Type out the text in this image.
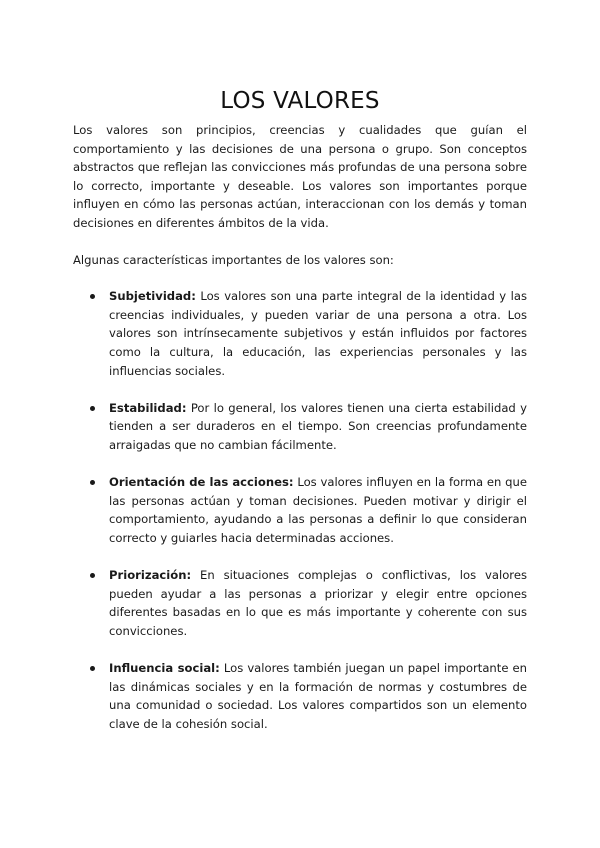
LOS VALORES

Los valores son principios, creencias y cualidades que guían el comportamiento y las decisiones de una persona o grupo. Son conceptos abstractos que reflejan las convicciones más profundas de una persona sobre lo correcto, importante y deseable. Los valores son importantes porque influyen en cómo las personas actúan, interaccionan con los demás y toman decisiones en diferentes ámbitos de la vida.

Algunas características importantes de los valores son:

Subjetividad: Los valores son una parte integral de la identidad y las creencias individuales, y pueden variar de una persona a otra. Los valores son intrínsecamente subjetivos y están influidos por factores como la cultura, la educación, las experiencias personales y las influencias sociales.
Estabilidad: Por lo general, los valores tienen una cierta estabilidad y tienden a ser duraderos en el tiempo. Son creencias profundamente arraigadas que no cambian fácilmente.
Orientación de las acciones: Los valores influyen en la forma en que las personas actúan y toman decisiones. Pueden motivar y dirigir el comportamiento, ayudando a las personas a definir lo que consideran correcto y guiarles hacia determinadas acciones.
Priorización: En situaciones complejas o conflictivas, los valores pueden ayudar a las personas a priorizar y elegir entre opciones diferentes basadas en lo que es más importante y coherente con sus convicciones.
Influencia social: Los valores también juegan un papel importante en las dinámicas sociales y en la formación de normas y costumbres de una comunidad o sociedad. Los valores compartidos son un elemento clave de la cohesión social.
